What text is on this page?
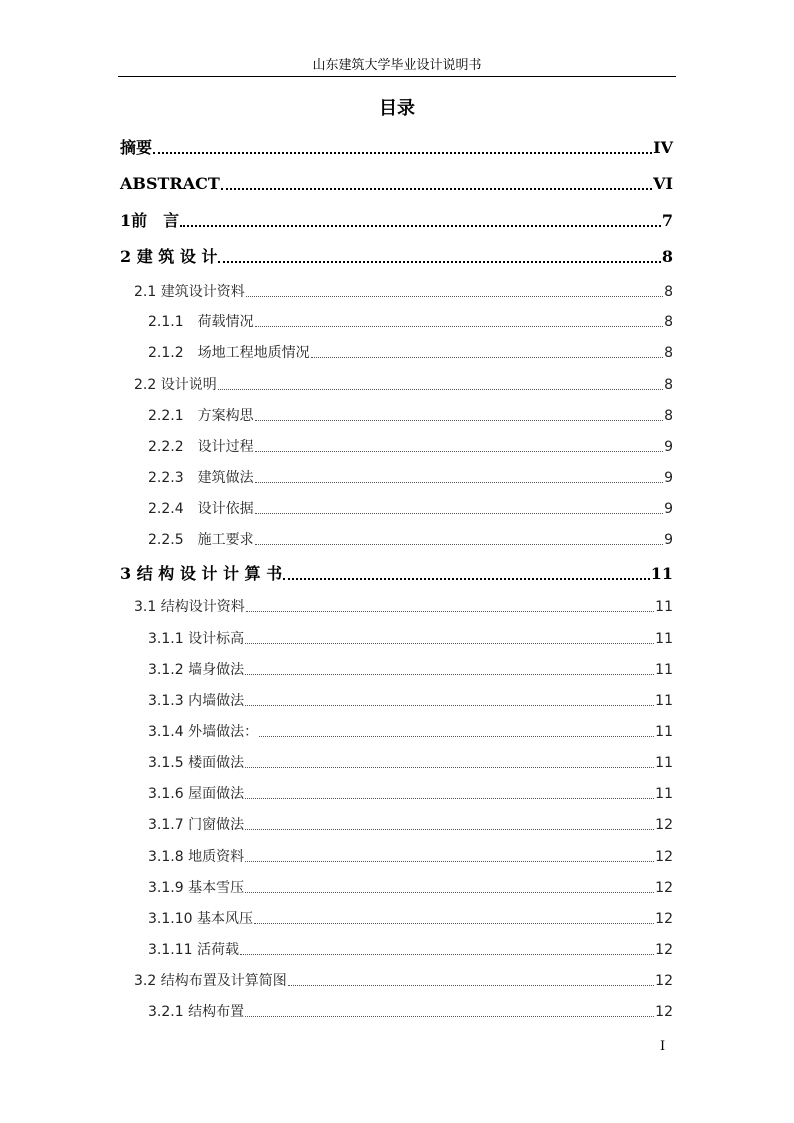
山东建筑大学毕业设计说明书
目录
摘要	IV
ABSTRACT	VI
1前　言	7
2 建 筑 设 计	8
2.1 建筑设计资料	8
2.1.1　荷载情况	8
2.1.2　场地工程地质情况	8
2.2 设计说明	8
2.2.1　方案构思	8
2.2.2　设计过程	9
2.2.3　建筑做法	9
2.2.4　设计依据	9
2.2.5　施工要求	9
3 结 构 设 计 计 算 书	11
3.1 结构设计资料	11
3.1.1 设计标高	11
3.1.2 墙身做法	11
3.1.3 内墙做法	11
3.1.4 外墙做法：	11
3.1.5 楼面做法	11
3.1.6 屋面做法	11
3.1.7 门窗做法	12
3.1.8 地质资料	12
3.1.9 基本雪压	12
3.1.10 基本风压	12
3.1.11 活荷载	12
3.2 结构布置及计算简图	12
3.2.1 结构布置	12
I
